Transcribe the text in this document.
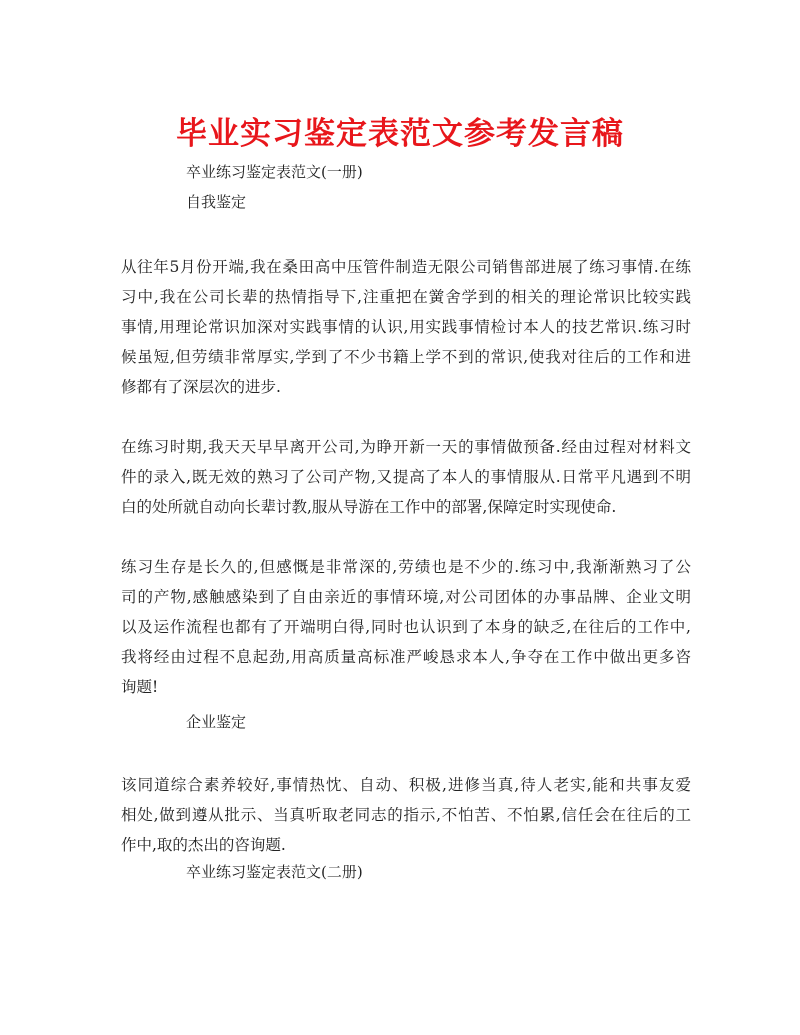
毕业实习鉴定表范文参考发言稿

卒业练习鉴定表范文(一册)

自我鉴定

从往年5月份开端,我在桑田高中压管件制造无限公司销售部进展了练习事情.在练
习中,我在公司长辈的热情指导下,注重把在黉舍学到的相关的理论常识比较实践
事情,用理论常识加深对实践事情的认识,用实践事情检讨本人的技艺常识.练习时
候虽短,但劳绩非常厚实,学到了不少书籍上学不到的常识,使我对往后的工作和进
修都有了深层次的进步.
在练习时期,我天天早早离开公司,为睁开新一天的事情做预备.经由过程对材料文
件的录入,既无效的熟习了公司产物,又提高了本人的事情服从.日常平凡遇到不明
白的处所就自动向长辈讨教,服从导游在工作中的部署,保障定时实现使命.
练习生存是长久的,但感慨是非常深的,劳绩也是不少的.练习中,我渐渐熟习了公
司的产物,感触感染到了自由亲近的事情环境,对公司团体的办事品牌、企业文明
以及运作流程也都有了开端明白得,同时也认识到了本身的缺乏,在往后的工作中,
我将经由过程不息起劲,用高质量高标准严峻恳求本人,争夺在工作中做出更多咨
询题!

企业鉴定

该同道综合素养较好,事情热忱、自动、积极,进修当真,待人老实,能和共事友爱
相处,做到遵从批示、当真听取老同志的指示,不怕苦、不怕累,信任会在往后的工
作中,取的杰出的咨询题.

卒业练习鉴定表范文(二册)
